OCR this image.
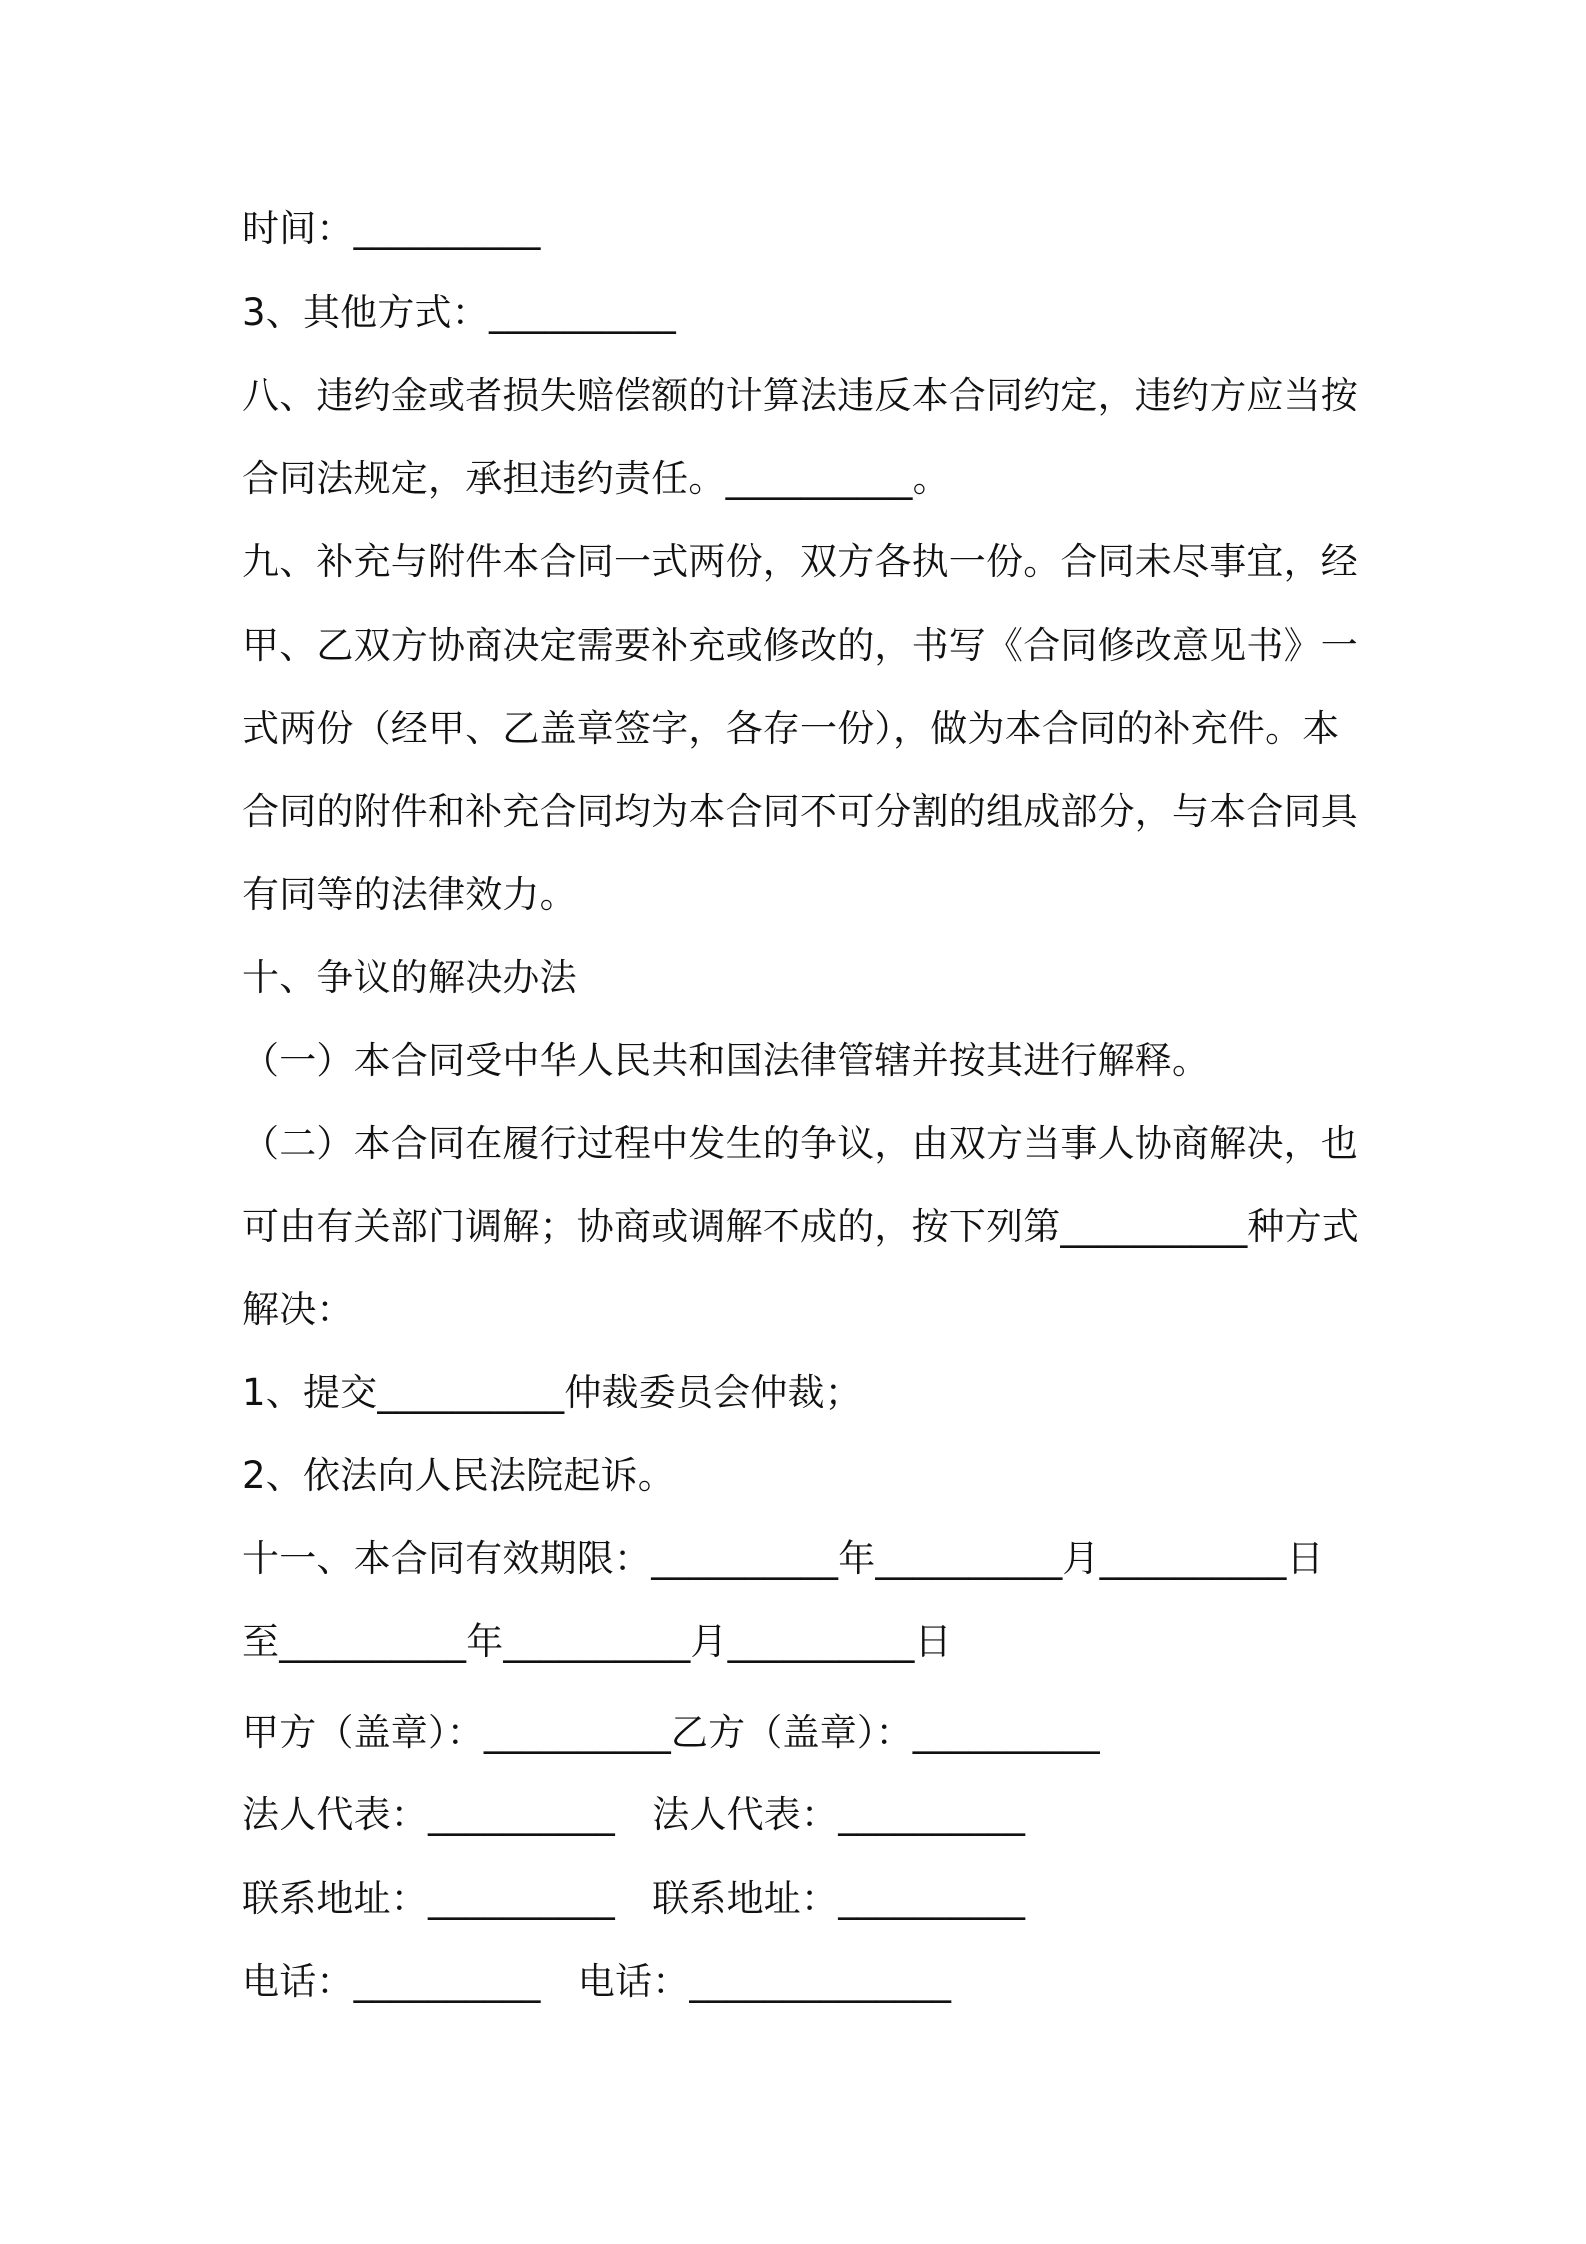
时间：__________
3、其他方式：__________
八、违约金或者损失赔偿额的计算法违反本合同约定，违约方应当按
合同法规定，承担违约责任。__________。
九、补充与附件本合同一式两份，双方各执一份。合同未尽事宜，经
甲、乙双方协商决定需要补充或修改的，书写《合同修改意见书》一
式两份（经甲、乙盖章签字，各存一份），做为本合同的补充件。本
合同的附件和补充合同均为本合同不可分割的组成部分，与本合同具
有同等的法律效力。
十、争议的解决办法
（一）本合同受中华人民共和国法律管辖并按其进行解释。
（二）本合同在履行过程中发生的争议，由双方当事人协商解决，也
可由有关部门调解；协商或调解不成的，按下列第__________种方式
解决：
1、提交__________仲裁委员会仲裁；
2、依法向人民法院起诉。
十一、本合同有效期限：__________年__________月__________日
至__________年__________月__________日
甲方（盖章）：__________乙方（盖章）：__________
法人代表：__________　法人代表：__________
联系地址：__________　联系地址：__________
电话：__________　电话：______________
